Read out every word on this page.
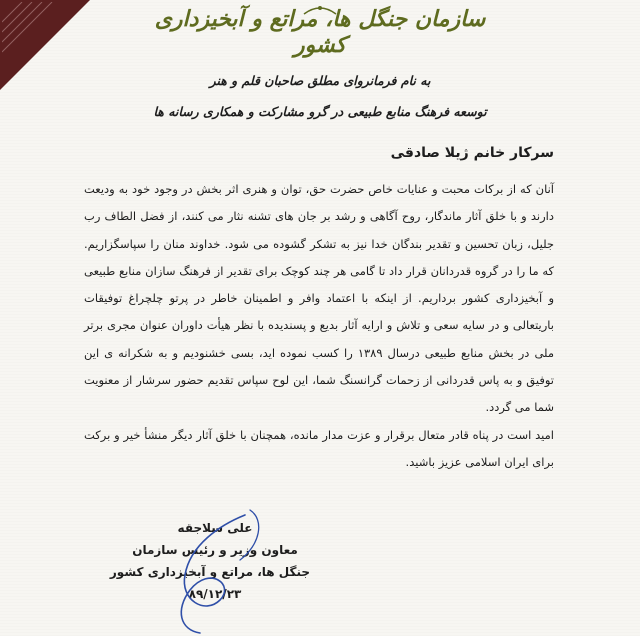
سازمان جنگل ها، مراتع و آبخیزداری کشور
به نام فرمانروای مطلق صاحبان قلم و هنر
توسعه فرهنگ منابع طبیعی در گرو مشارکت و همکاری رسانه ها
سرکار خانم ژیلا صادقی

آنان که از برکات محبت و عنایات خاص حضرت حق، توان و هنری اثر بخش در وجود خود به ودیعت دارند و با خلق آثار ماندگار، روح آگاهی و رشد بر جان های تشنه نثار می کنند، از فضل الطاف رب جلیل، زبان تحسین و تقدیر بندگان خدا نیز به تشکر گشوده می شود. خداوند منان را سپاسگزاریم. که ما را در گروه قدردانان قرار داد تا گامی هر چند کوچک برای تقدیر از فرهنگ سازان منابع طبیعی و آبخیزداری کشور برداریم. از اینکه با اعتماد وافر و اطمینان خاطر در پرتو چلچراغ توفیقات باریتعالی و در سایه سعی و تلاش و ارایه آثار بدیع و پسندیده با نظر هیأت داوران عنوان مجری برتر ملی در بخش منابع طبیعی درسال ۱۳۸۹ را کسب نموده اید، بسی خشنودیم و به شکرانه ی این توفیق و به پاس قدردانی از زحمات گرانسنگ شما، این لوح سپاس تقدیم حضور سرشار از معنویت شما می گردد.

امید است در پناه قادر متعال برقرار و عزت مدار مانده، همچنان با خلق آثار دیگر منشأ خیر و برکت برای ایران اسلامی عزیز باشید.

علی سلاجقه
معاون وزیر و رئیس سازمان
جنگل ها، مراتع و آبخیزداری کشور
۸۹/۱۲/۲۳
